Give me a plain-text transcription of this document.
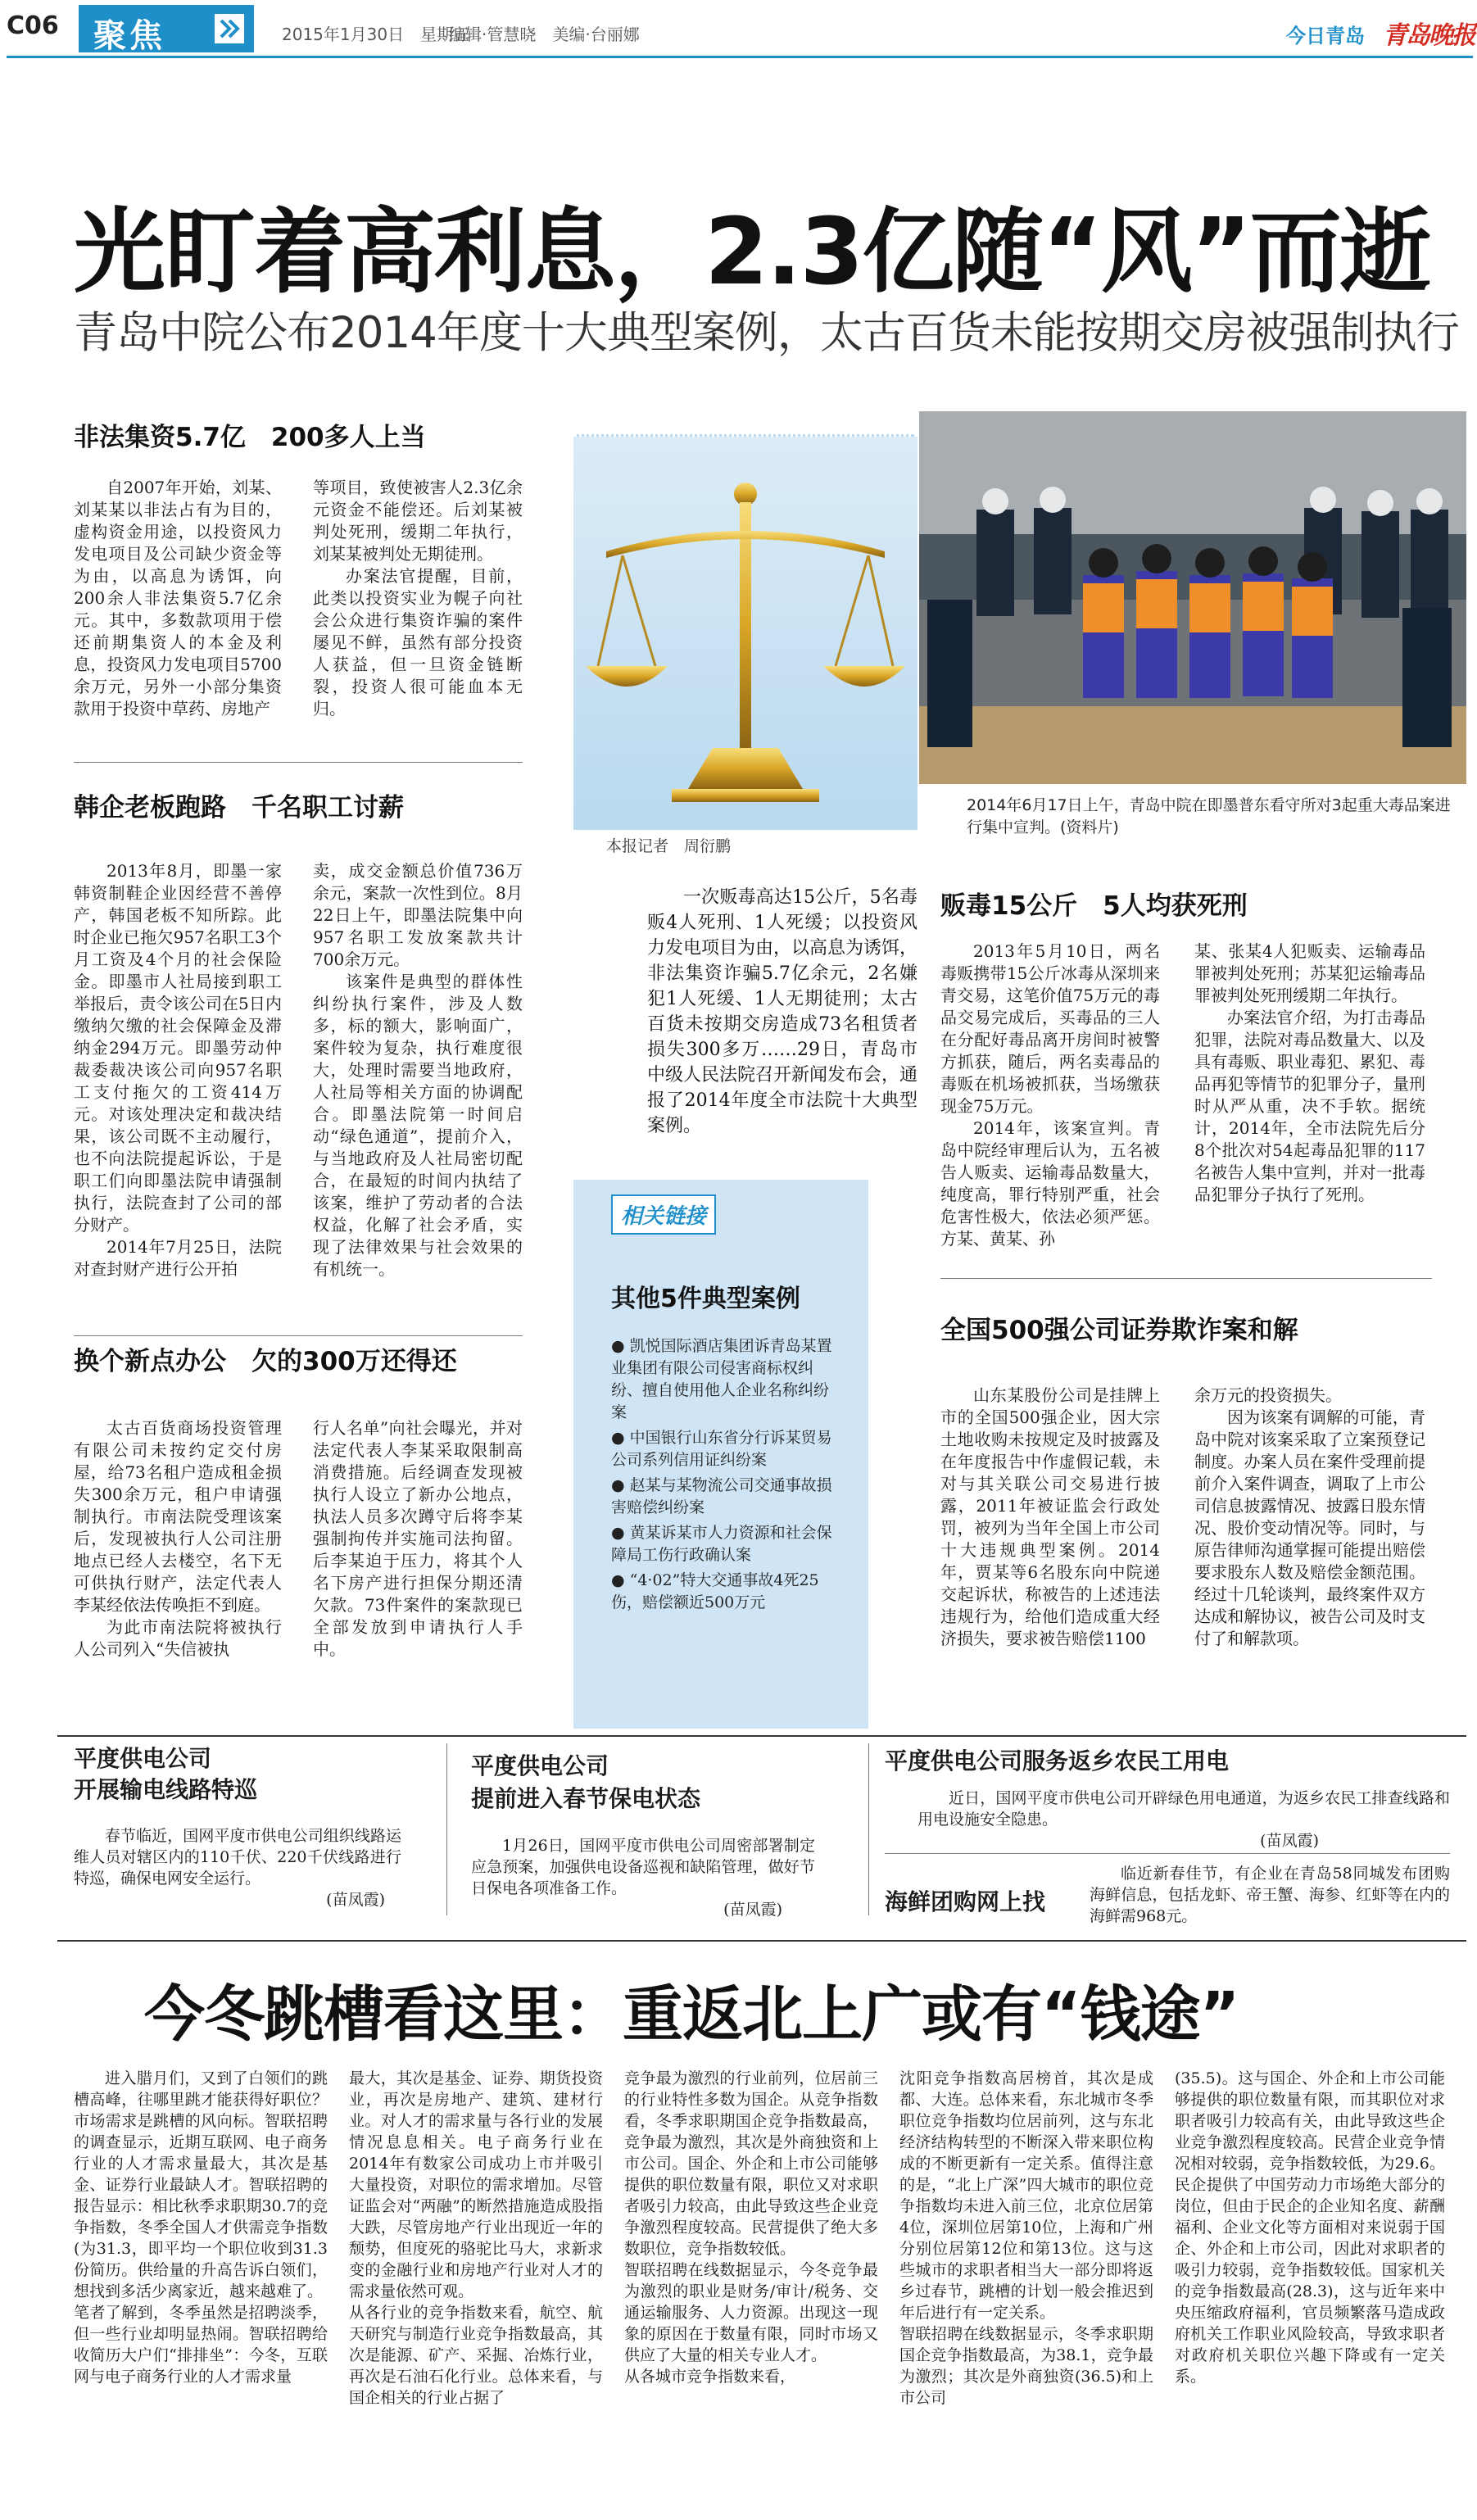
C06 聚焦	2015年1月30日　星期五
编辑·管慧晓　美编·台丽娜	今日青岛 青岛晚报
光盯着高利息，2.3亿随“风”而逝
青岛中院公布2014年度十大典型案例，太古百货未能按期交房被强制执行
非法集资5.7亿　200多人上当

自2007年开始，刘某、刘某某以非法占有为目的，虚构资金用途，以投资风力发电项目及公司缺少资金等为由，以高息为诱饵，向200余人非法集资5.7亿余元。其中，多数款项用于偿还前期集资人的本金及利息，投资风力发电项目5700余万元，另外一小部分集资款用于投资中草药、房地产

等项目，致使被害人2.3亿余元资金不能偿还。后刘某被判处死刑，缓期二年执行，刘某某被判处无期徒刑。

办案法官提醒，目前，此类以投资实业为幌子向社会公众进行集资诈骗的案件屡见不鲜，虽然有部分投资人获益，但一旦资金链断裂，投资人很可能血本无归。

韩企老板跑路　千名职工讨薪

2013年8月，即墨一家韩资制鞋企业因经营不善停产，韩国老板不知所踪。此时企业已拖欠957名职工3个月工资及4个月的社会保险金。即墨市人社局接到职工举报后，责令该公司在5日内缴纳欠缴的社会保障金及滞纳金294万元。即墨劳动仲裁委裁决该公司向957名职工支付拖欠的工资414万元。对该处理决定和裁决结果，该公司既不主动履行，也不向法院提起诉讼，于是职工们向即墨法院申请强制执行，法院查封了公司的部分财产。

2014年7月25日，法院对查封财产进行公开拍

卖，成交金额总价值736万余元，案款一次性到位。8月22日上午，即墨法院集中向957名职工发放案款共计700余万元。

该案件是典型的群体性纠纷执行案件，涉及人数多，标的额大，影响面广，案件较为复杂，执行难度很大，处理时需要当地政府，人社局等相关方面的协调配合。即墨法院第一时间启动“绿色通道”，提前介入，与当地政府及人社局密切配合，在最短的时间内执结了该案，维护了劳动者的合法权益，化解了社会矛盾，实现了法律效果与社会效果的有机统一。

换个新点办公　欠的300万还得还

太古百货商场投资管理有限公司未按约定交付房屋，给73名租户造成租金损失300余万元，租户申请强制执行。市南法院受理该案后，发现被执行人公司注册地点已经人去楼空，名下无可供执行财产，法定代表人李某经依法传唤拒不到庭。

为此市南法院将被执行人公司列入“失信被执

行人名单”向社会曝光，并对法定代表人李某采取限制高消费措施。后经调查发现被执行人设立了新办公地点，执法人员多次蹲守后将李某强制拘传并实施司法拘留。后李某迫于压力，将其个人名下房产进行担保分期还清欠款。73件案件的案款现已全部发放到申请执行人手中。

本报记者　周衍鹏

一次贩毒高达15公斤，5名毒贩4人死刑、1人死缓；以投资风力发电项目为由，以高息为诱饵，非法集资诈骗5.7亿余元，2名嫌犯1人死缓、1人无期徒刑；太古百货未按期交房造成73名租赁者损失300多万……29日，青岛市中级人民法院召开新闻发布会，通报了2014年度全市法院十大典型案例。

相关链接
其他5件典型案例
● 凯悦国际酒店集团诉青岛某置业集团有限公司侵害商标权纠纷、擅自使用他人企业名称纠纷案
● 中国银行山东省分行诉某贸易公司系列信用证纠纷案
● 赵某与某物流公司交通事故损害赔偿纠纷案
● 黄某诉某市人力资源和社会保障局工伤行政确认案
● “4·02”特大交通事故4死25伤，赔偿额近500万元
2014年6月17日上午，青岛中院在即墨普东看守所对3起重大毒品案进行集中宣判。(资料片)
贩毒15公斤　5人均获死刑

2013年5月10日，两名毒贩携带15公斤冰毒从深圳来青交易，这笔价值75万元的毒品交易完成后，买毒品的三人在分配好毒品离开房间时被警方抓获，随后，两名卖毒品的毒贩在机场被抓获，当场缴获现金75万元。

2014年，该案宣判。青岛中院经审理后认为，五名被告人贩卖、运输毒品数量大，纯度高，罪行特别严重，社会危害性极大，依法必须严惩。方某、黄某、孙

某、张某4人犯贩卖、运输毒品罪被判处死刑；苏某犯运输毒品罪被判处死刑缓期二年执行。

办案法官介绍，为打击毒品犯罪，法院对毒品数量大、以及具有毒贩、职业毒犯、累犯、毒品再犯等情节的犯罪分子，量刑时从严从重，决不手软。据统计，2014年，全市法院先后分8个批次对54起毒品犯罪的117名被告人集中宣判，并对一批毒品犯罪分子执行了死刑。

全国500强公司证券欺诈案和解

山东某股份公司是挂牌上市的全国500强企业，因大宗土地收购未按规定及时披露及在年度报告中作虚假记载，未对与其关联公司交易进行披露，2011年被证监会行政处罚，被列为当年全国上市公司十大违规典型案例。2014年，贾某等6名股东向中院递交起诉状，称被告的上述违法违规行为，给他们造成重大经济损失，要求被告赔偿1100

余万元的投资损失。

因为该案有调解的可能，青岛中院对该案采取了立案预登记制度。办案人员在案件受理前提前介入案件调查，调取了上市公司信息披露情况、披露日股东情况、股价变动情况等。同时，与原告律师沟通掌握可能提出赔偿要求股东人数及赔偿金额范围。经过十几轮谈判，最终案件双方达成和解协议，被告公司及时支付了和解款项。

平度供电公司
开展输电线路特巡

春节临近，国网平度市供电公司组织线路运维人员对辖区内的110千伏、220千伏线路进行特巡，确保电网安全运行。

(苗凤霞)
平度供电公司
提前进入春节保电状态

1月26日，国网平度市供电公司周密部署制定应急预案，加强供电设备巡视和缺陷管理，做好节日保电各项准备工作。

(苗凤霞)
平度供电公司服务返乡农民工用电

近日，国网平度市供电公司开辟绿色用电通道，为返乡农民工排查线路和用电设施安全隐患。

(苗凤霞)
海鲜团购网上找

临近新春佳节，有企业在青岛58同城发布团购海鲜信息，包括龙虾、帝王蟹、海参、红虾等在内的海鲜需968元。

今冬跳槽看这里：重返北上广或有“钱途”

进入腊月们，又到了白领们的跳槽高峰，往哪里跳才能获得好职位？市场需求是跳槽的风向标。智联招聘的调查显示，近期互联网、电子商务行业的人才需求量最大，其次是基金、证券行业最缺人才。智联招聘的报告显示：相比秋季求职期30.7的竞争指数，冬季全国人才供需竞争指数(为31.3，即平均一个职位收到31.3份简历。供给量的升高告诉白领们，想找到多活少离家近，越来越难了。
笔者了解到，冬季虽然是招聘淡季，但一些行业却明显热闹。智联招聘给收简历大户们“排排坐”：今冬，互联网与电子商务行业的人才需求量

最大，其次是基金、证券、期货投资业，再次是房地产、建筑、建材行业。对人才的需求量与各行业的发展情况息息相关。电子商务行业在2014年有数家公司成功上市并吸引大量投资，对职位的需求增加。尽管证监会对“两融”的断然措施造成股指大跌，尽管房地产行业出现近一年的颓势，但度死的骆驼比马大，求新求变的金融行业和房地产行业对人才的需求量依然可观。
从各行业的竞争指数来看，航空、航天研究与制造行业竞争指数最高，其次是能源、矿产、采掘、冶炼行业，再次是石油石化行业。总体来看，与国企相关的行业占据了

竞争最为激烈的行业前列，位居前三的行业特性多数为国企。从竞争指数看，冬季求职期国企竞争指数最高，竞争最为激烈，其次是外商独资和上市公司。国企、外企和上市公司能够提供的职位数量有限，职位又对求职者吸引力较高，由此导致这些企业竞争激烈程度较高。民营提供了绝大多数职位，竞争指数较低。
智联招聘在线数据显示，今冬竞争最为激烈的职业是财务/审计/税务、交通运输服务、人力资源。出现这一现象的原因在于数量有限，同时市场又供应了大量的相关专业人才。
从各城市竞争指数来看，

沈阳竞争指数高居榜首，其次是成都、大连。总体来看，东北城市冬季职位竞争指数均位居前列，这与东北经济结构转型的不断深入带来职位构成的不断更新有一定关系。值得注意的是，“北上广深”四大城市的职位竞争指数均未进入前三位，北京位居第4位，深圳位居第10位，上海和广州分别位居第12位和第13位。这与这些城市的求职者相当大一部分即将返乡过春节，跳槽的计划一般会推迟到年后进行有一定关系。
智联招聘在线数据显示，冬季求职期国企竞争指数最高，为38.1，竞争最为激烈；其次是外商独资(36.5)和上市公司

(35.5)。这与国企、外企和上市公司能够提供的职位数量有限，而其职位对求职者吸引力较高有关，由此导致这些企业竞争激烈程度较高。民营企业竞争情况相对较弱，竞争指数较低，为29.6。民企提供了中国劳动力市场绝大部分的岗位，但由于民企的企业知名度、薪酬福利、企业文化等方面相对来说弱于国企、外企和上市公司，因此对求职者的吸引力较弱，竞争指数较低。国家机关的竞争指数最高(28.3)，这与近年来中央压缩政府福利，官员频繁落马造成政府机关工作职业风险较高，导致求职者对政府机关职位兴趣下降或有一定关系。
